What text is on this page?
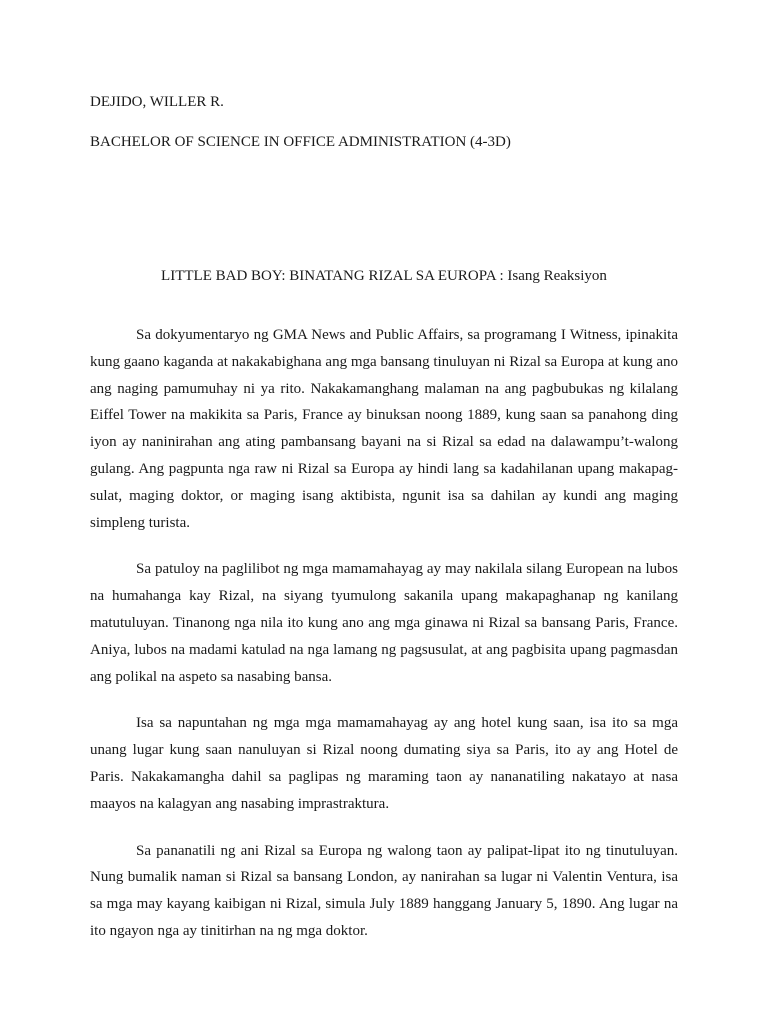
DEJIDO, WILLER R.
BACHELOR OF SCIENCE IN OFFICE ADMINISTRATION (4-3D)
LITTLE BAD BOY: BINATANG RIZAL SA EUROPA : Isang Reaksiyon

Sa dokyumentaryo ng GMA News and Public Affairs, sa programang I Witness, ipinakita kung gaano kaganda at nakakabighana ang mga bansang tinuluyan ni Rizal sa Europa at kung ano ang naging pamumuhay ni ya rito. Nakakamanghang malaman na ang pagbubukas ng kilalang Eiffel Tower na makikita sa Paris, France ay binuksan noong 1889, kung saan sa panahong ding iyon ay naninirahan ang ating pambansang bayani na si Rizal sa edad na dalawampu’t-walong gulang. Ang pagpunta nga raw ni Rizal sa Europa ay hindi lang sa kadahilanan upang makapag-sulat, maging doktor, or maging isang aktibista, ngunit isa sa dahilan ay kundi ang maging simpleng turista.

Sa patuloy na paglilibot ng mga mamamahayag ay may nakilala silang European na lubos na humahanga kay Rizal, na siyang tyumulong sakanila upang makapaghanap ng kanilang matutuluyan. Tinanong nga nila ito kung ano ang mga ginawa ni Rizal sa bansang Paris, France. Aniya, lubos na madami katulad na nga lamang ng pagsusulat, at ang pagbisita upang pagmasdan ang polikal na aspeto sa nasabing bansa.

Isa sa napuntahan ng mga mga mamamahayag ay ang hotel kung saan, isa ito sa mga unang lugar kung saan nanuluyan si Rizal noong dumating siya sa Paris, ito ay ang Hotel de Paris. Nakakamangha dahil sa paglipas ng maraming taon ay nananatiling nakatayo at nasa maayos na kalagyan ang nasabing imprastraktura.

Sa pananatili ng ani Rizal sa Europa ng walong taon ay palipat-lipat ito ng tinutuluyan. Nung bumalik naman si Rizal sa bansang London, ay nanirahan sa lugar ni Valentin Ventura, isa sa mga may kayang kaibigan ni Rizal, simula July 1889 hanggang January 5, 1890. Ang lugar na ito ngayon nga ay tinitirhan na ng mga doktor.
